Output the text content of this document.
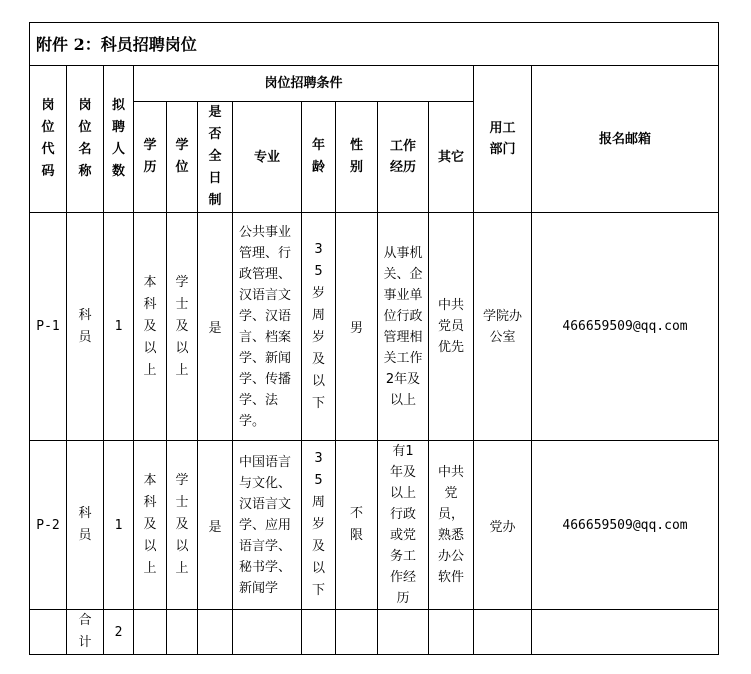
附件 2：科员招聘岗位
岗位代码	岗位名称	拟聘人数	岗位招聘条件								用工部门	报名邮箱
			学历	学位	是否全日制	专业	年龄	性别	工作经历	其它		
P-1	科员	1	本科及以上	学士及以上	是	公共事业管理、行政管理、汉语言文学、汉语言、档案学、新闻学、传播学、法学。	35岁周岁及以下	男	从事机关、企事业单位行政管理相关工作2年及以上	中共党员优先	学院办公室	466659509@qq.com
P-2	科员	1	本科及以上	学士及以上	是	中国语言与文化、汉语言文学、应用语言学、秘书学、新闻学	35周岁及以下	不限	有1年及以上行政或党务工作经历	中共党员，熟悉办公软件	党办	466659509@qq.com
	合计	2										
